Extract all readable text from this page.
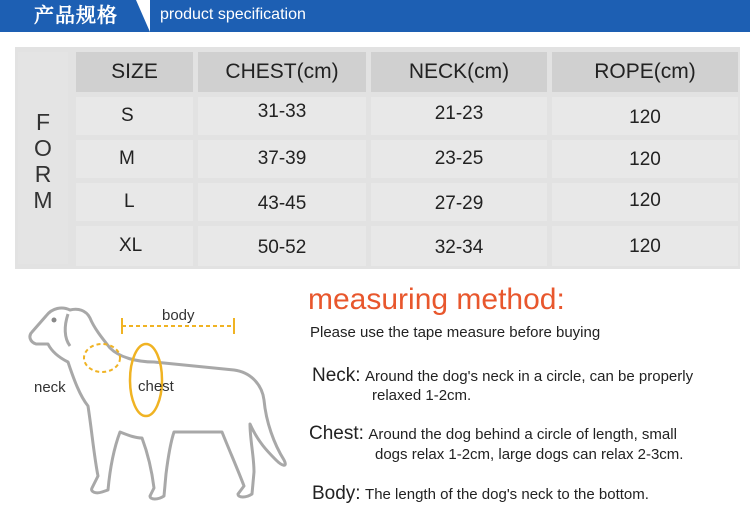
产品规格	product specification
F
O
R
M
SIZE	CHEST(cm)	NECK(cm)	ROPE(cm)
S	31-33	21-23	120
M	37-39	23-25	120
L	43-45	27-29	120
XL	50-52	32-34	120
body
neck	chest
measuring method:
Please use the tape measure before buying
Neck: Around the dog's neck in a circle, can be properly
relaxed 1-2cm.
Chest: Around the dog behind a circle of length, small
dogs relax 1-2cm, large dogs can relax 2-3cm.
Body: The length of the dog's neck to the bottom.
